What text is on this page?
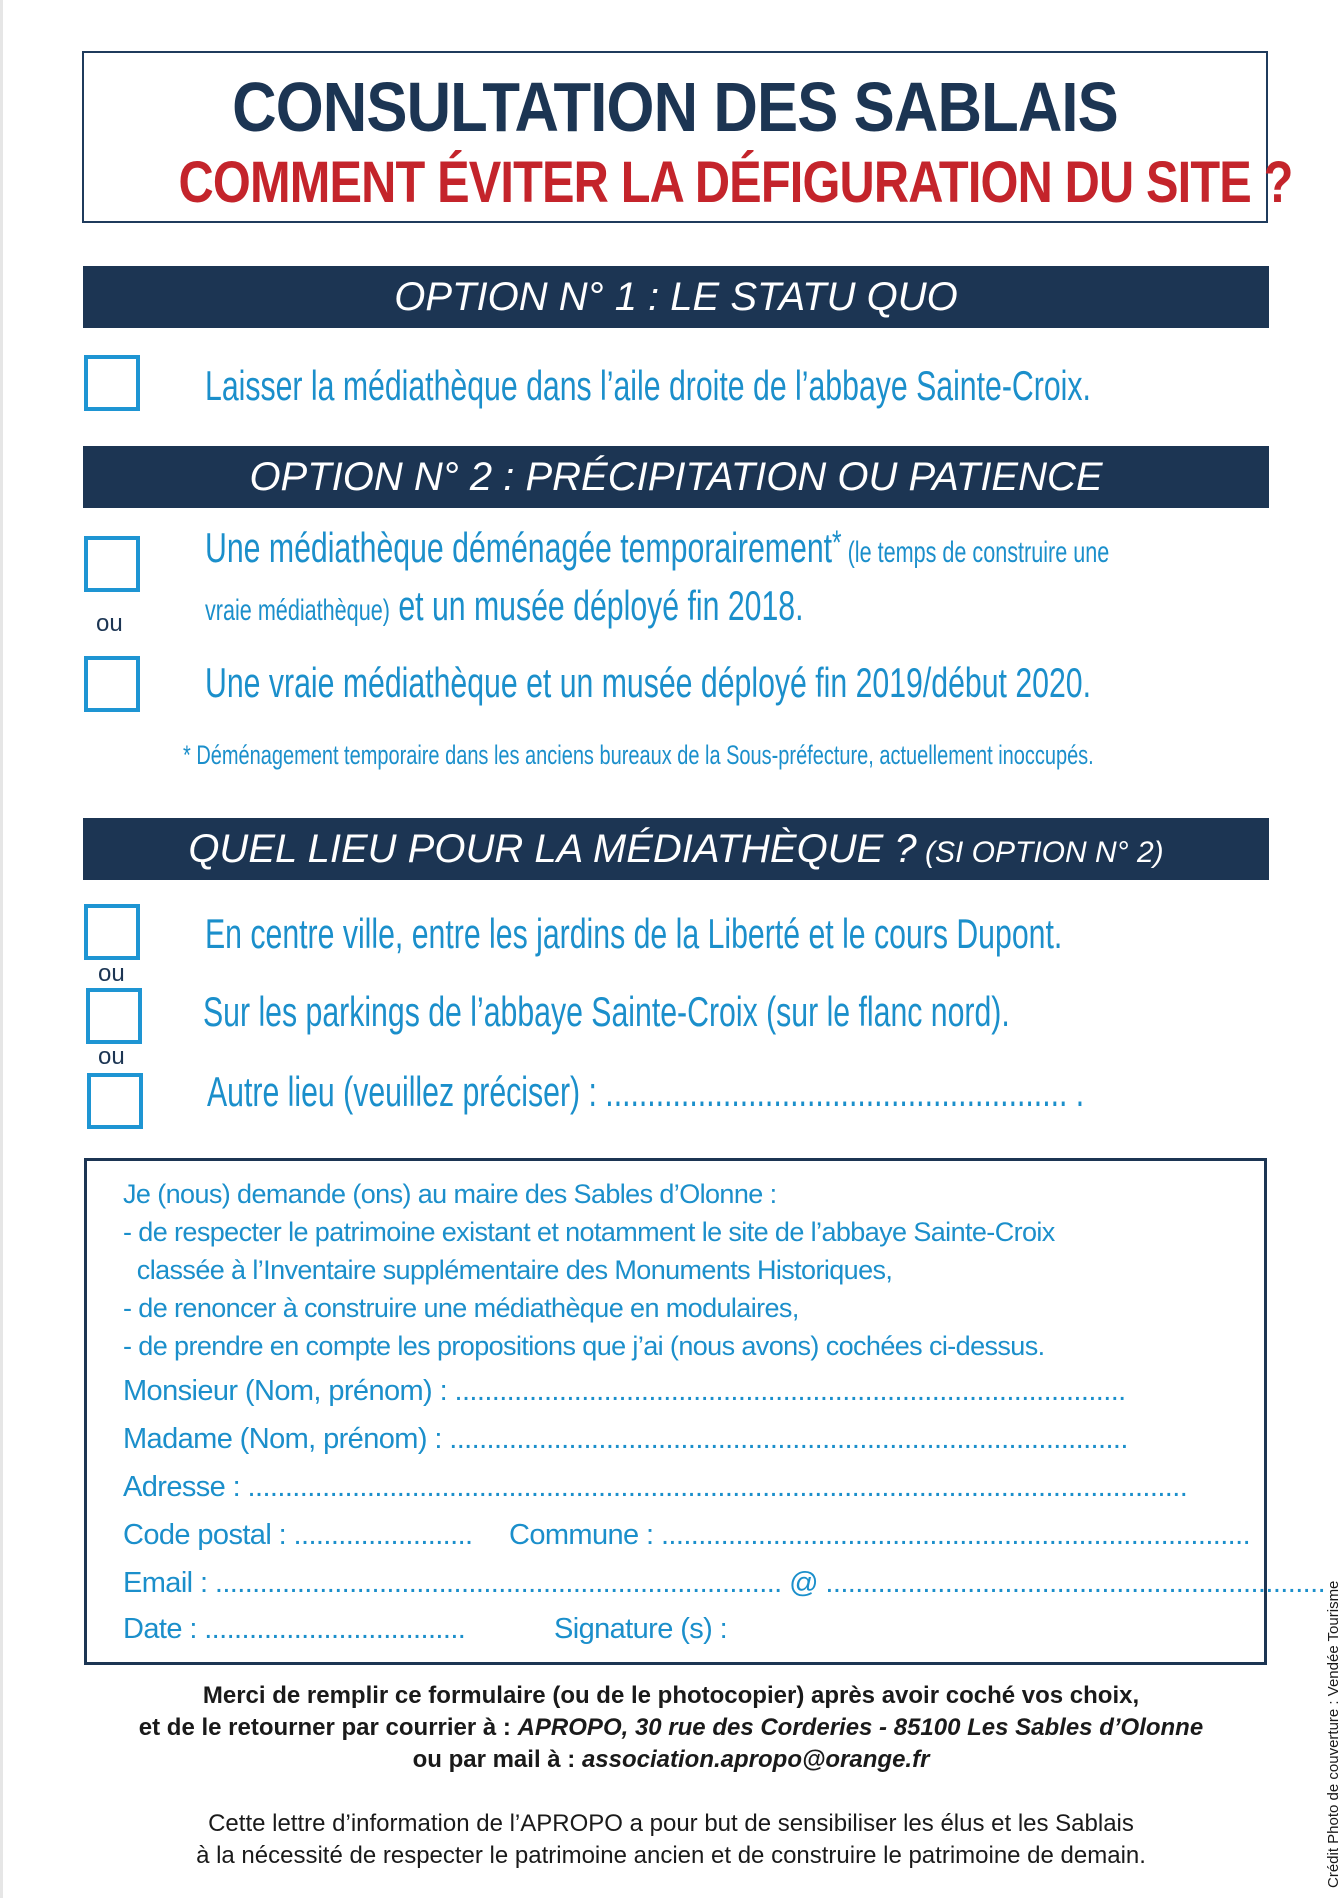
CONSULTATION DES SABLAIS
COMMENT ÉVITER LA DÉFIGURATION DU SITE ?
OPTION N° 1 : LE STATU QUO
Laisser la médiathèque dans l’aile droite de l’abbaye Sainte-Croix.
OPTION N° 2 : PRÉCIPITATION OU PATIENCE
Une médiathèque déménagée temporairement* (le temps de construire une
vraie médiathèque) et un musée déployé fin 2018.
ou
Une vraie médiathèque et un musée déployé fin 2019/début 2020.
* Déménagement temporaire dans les anciens bureaux de la Sous-préfecture, actuellement inoccupés.
QUEL LIEU POUR LA MÉDIATHÈQUE ? (SI OPTION N° 2)
En centre ville, entre les jardins de la Liberté et le cours Dupont.
ou
Sur les parkings de l’abbaye Sainte-Croix (sur le flanc nord).
ou
Autre lieu (veuillez préciser) : ....................................................... .
Je (nous) demande (ons) au maire des Sables d’Olonne :
- de respecter le patrimoine existant et notamment le site de l’abbaye Sainte-Croix
classée à l’Inventaire supplémentaire des Monuments Historiques,
- de renoncer à construire une médiathèque en modulaires,
- de prendre en compte les propositions que j’ai (nous avons) cochées ci-dessus.
Monsieur (Nom, prénom) : ..........................................................................................
Madame (Nom, prénom) : ...........................................................................................
Adresse : ..............................................................................................................................
Code postal : ........................ Commune : ...............................................................................
Email : ............................................................................ @ ...................................................................
Date : ...................................	Signature (s) :
Merci de remplir ce formulaire (ou de le photocopier) après avoir coché vos choix,
et de le retourner par courrier à : APROPO, 30 rue des Corderies - 85100 Les Sables d’Olonne
ou par mail à : association.apropo@orange.fr
Cette lettre d’information de l’APROPO a pour but de sensibiliser les élus et les Sablais
à la nécessité de respecter le patrimoine ancien et de construire le patrimoine de demain.	Crédit Photo de couverture : Vendée Tourisme
